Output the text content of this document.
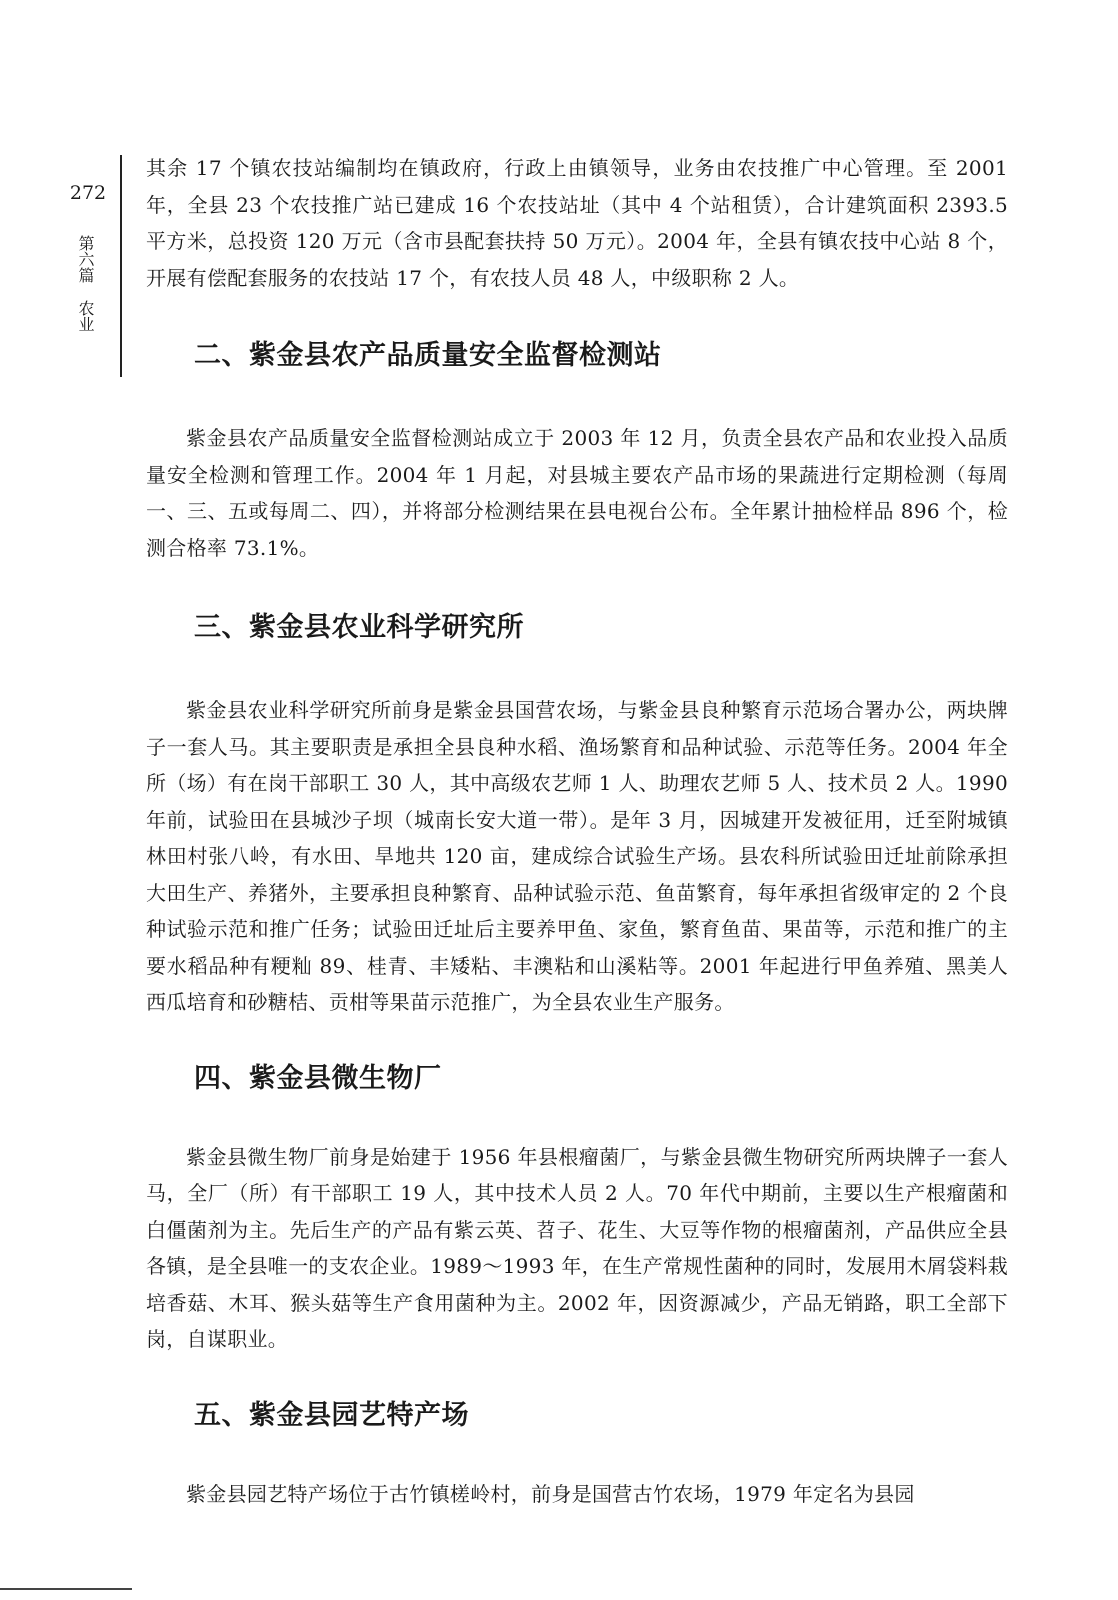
272
第六篇
农业

其余 17 个镇农技站编制均在镇政府，行政上由镇领导，业务由农技推广中心管理。至 2001 年，全县 23 个农技推广站已建成 16 个农技站址（其中 4 个站租赁），合计建筑面积 2393.5 平方米，总投资 120 万元（含市县配套扶持 50 万元）。2004 年，全县有镇农技中心站 8 个，开展有偿配套服务的农技站 17 个，有农技人员 48 人，中级职称 2 人。

二、紫金县农产品质量安全监督检测站

紫金县农产品质量安全监督检测站成立于 2003 年 12 月，负责全县农产品和农业投入品质量安全检测和管理工作。2004 年 1 月起，对县城主要农产品市场的果蔬进行定期检测（每周一、三、五或每周二、四），并将部分检测结果在县电视台公布。全年累计抽检样品 896 个，检测合格率 73.1%。

三、紫金县农业科学研究所

紫金县农业科学研究所前身是紫金县国营农场，与紫金县良种繁育示范场合署办公，两块牌子一套人马。其主要职责是承担全县良种水稻、渔场繁育和品种试验、示范等任务。2004 年全所（场）有在岗干部职工 30 人，其中高级农艺师 1 人、助理农艺师 5 人、技术员 2 人。1990 年前，试验田在县城沙子坝（城南长安大道一带）。是年 3 月，因城建开发被征用，迁至附城镇林田村张八岭，有水田、旱地共 120 亩，建成综合试验生产场。县农科所试验田迁址前除承担大田生产、养猪外，主要承担良种繁育、品种试验示范、鱼苗繁育，每年承担省级审定的 2 个良种试验示范和推广任务；试验田迁址后主要养甲鱼、家鱼，繁育鱼苗、果苗等，示范和推广的主要水稻品种有粳籼 89、桂青、丰矮粘、丰澳粘和山溪粘等。2001 年起进行甲鱼养殖、黑美人西瓜培育和砂糖桔、贡柑等果苗示范推广，为全县农业生产服务。

四、紫金县微生物厂

紫金县微生物厂前身是始建于 1956 年县根瘤菌厂，与紫金县微生物研究所两块牌子一套人马，全厂（所）有干部职工 19 人，其中技术人员 2 人。70 年代中期前，主要以生产根瘤菌和白僵菌剂为主。先后生产的产品有紫云英、苕子、花生、大豆等作物的根瘤菌剂，产品供应全县各镇，是全县唯一的支农企业。1989～1993 年，在生产常规性菌种的同时，发展用木屑袋料栽培香菇、木耳、猴头菇等生产食用菌种为主。2002 年，因资源减少，产品无销路，职工全部下岗，自谋职业。

五、紫金县园艺特产场

紫金县园艺特产场位于古竹镇槎岭村，前身是国营古竹农场，1979 年定名为县园
